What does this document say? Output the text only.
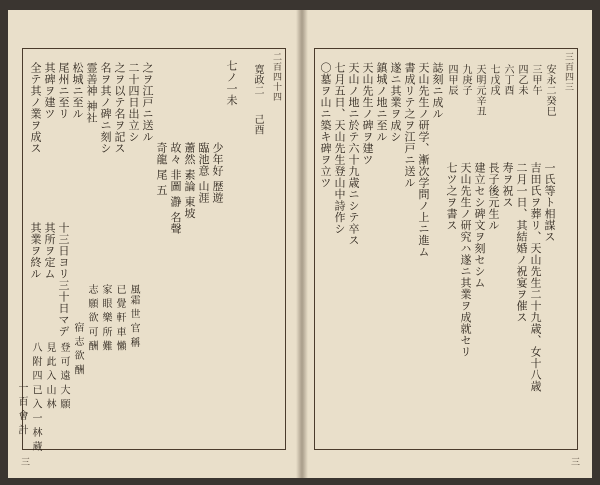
二百四十四
寛政二
己酉
七ノ一未
少年好 歴遊
臨池意 山涯
蕭然 素論 東坡
故々 非圖 瀞 名聲
奇龍 尾 五
之ヲ江戸ニ送ル
二十四日出立シ
之ヲ以テ名ヲ記ス
名ヲ其ノ碑ニ刻シ
霊善神 神社
松城ニ至ル
尾州ニ至リ
其碑ヲ建ツ
全テ其ノ業ヲ成ス
十三日ヨリ三十日マデ
其所ヲ定ム
其業ヲ終ル
風霜 世 官 稱
已 覺 軒 車 懶
家 眼 樂 所 難
志 願 欲 可 酬
宿 志 欲 酬
登 可 遠 大 願
見 此 入 山 林
八 附 四 已 入 一 林 蔵
一 百 會 計
三
三百四三
安永二癸巳
三甲午
四乙未
六丁酉
七戊戌
天明元辛丑
九庚子
四甲辰
一氏等ト相謀ス
吉田氏ヲ葬リ、天山先生二十九歳、女十八歳
二月一日、其結婚ノ祝宴ヲ催ス
寿ヲ祝ス
長子後元生ル
建立セシ碑文ヲ刻セシム
天山先生ノ研究ハ遂ニ其業ヲ成就セリ
七ツ之ヲ書ス
誌刻ニ成ル
天山先生ノ研学、漸次学問ノ上ニ進ム
書成リテ之ヲ江戸ニ送ル
遂ニ其業ヲ成シ
鎮城ノ地ニ至ル
天山先生ノ碑ヲ建ツ
天山ノ地ニ於テ六十九歳ニシテ卒ス
七月五日、天山先生登山中詩作シ
〇墓ヲ山ニ築キ碑ヲ立ツ
三
